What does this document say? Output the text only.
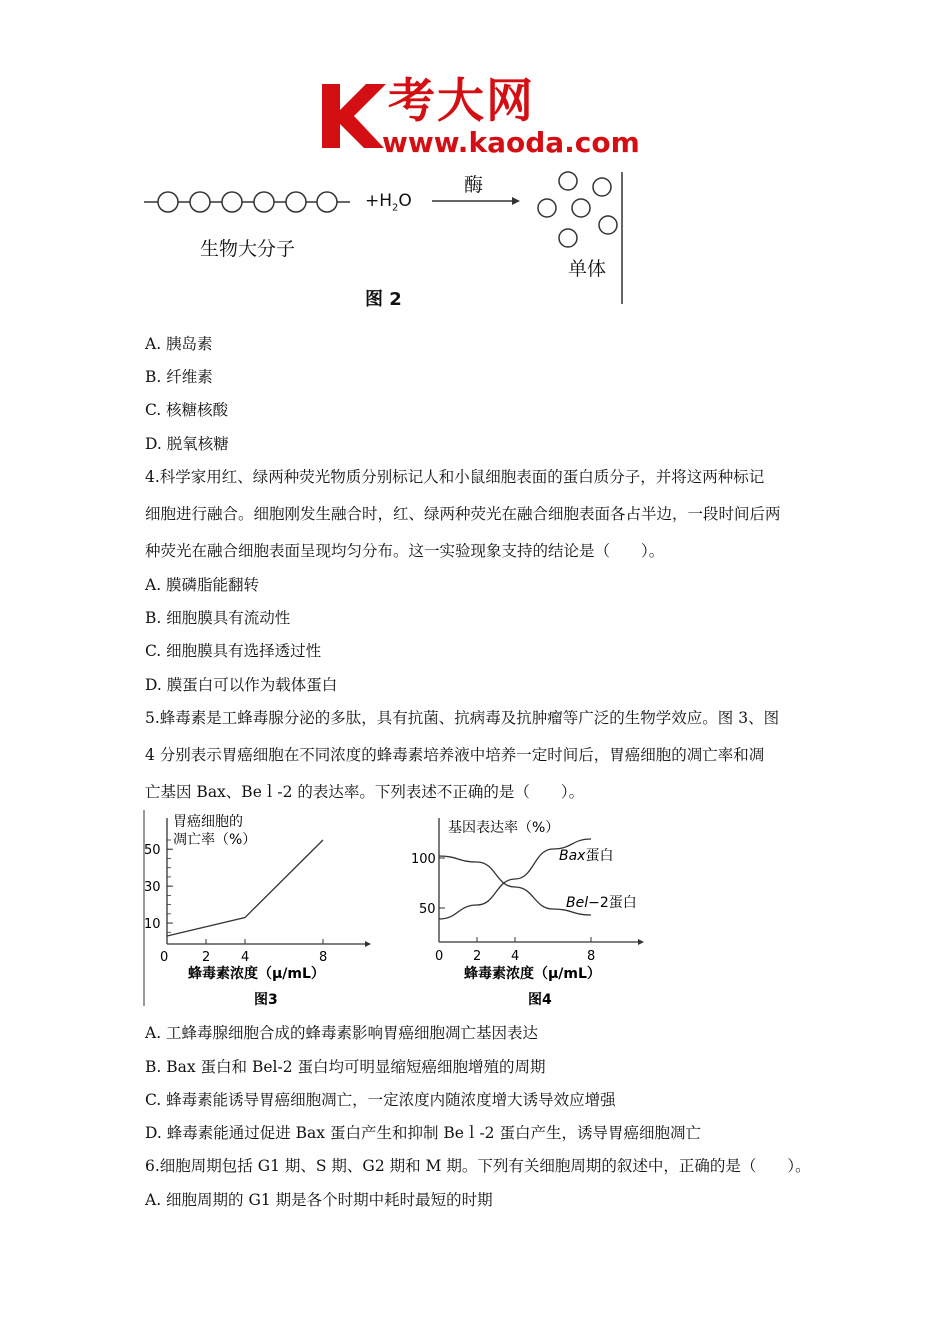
考大网
www.kaoda.com
$+H_2O$
酶
生物大分子
单体
图 2
A. 胰岛素
B. 纤维素
C. 核糖核酸
D. 脱氧核糖
4.科学家用红、绿两种荧光物质分别标记人和小鼠细胞表面的蛋白质分子，并将这两种标记
细胞进行融合。细胞刚发生融合时，红、绿两种荧光在融合细胞表面各占半边，一段时间后两
种荧光在融合细胞表面呈现均匀分布。这一实验现象支持的结论是（　　）。
A. 膜磷脂能翻转
B. 细胞膜具有流动性
C. 细胞膜具有选择透过性
D. 膜蛋白可以作为载体蛋白
5.蜂毒素是工蜂毒腺分泌的多肽，具有抗菌、抗病毒及抗肿瘤等广泛的生物学效应。图 3、图
4 分别表示胃癌细胞在不同浓度的蜂毒素培养液中培养一定时间后，胃癌细胞的凋亡率和凋
亡基因 Bax、Beｌ-2 的表达率。下列表述不正确的是（　　）。
胃癌细胞的
凋亡率（%）
10
30
50
0	2 4	8
蜂毒素浓度（μ/mL）
图3
基因表达率（%）
50
100
0 2 4	8
Bax蛋白
Bel−2蛋白
蜂毒素浓度（μ/mL）
图4
A. 工蜂毒腺细胞合成的蜂毒素影响胃癌细胞凋亡基因表达
B. Bax 蛋白和 Bel-2 蛋白均可明显缩短癌细胞增殖的周期
C. 蜂毒素能诱导胃癌细胞凋亡，一定浓度内随浓度增大诱导效应增强
D. 蜂毒素能通过促进 Bax 蛋白产生和抑制 Beｌ-2 蛋白产生，诱导胃癌细胞凋亡
6.细胞周期包括 G1 期、S 期、G2 期和 M 期。下列有关细胞周期的叙述中，正确的是（　　）。
A. 细胞周期的 G1 期是各个时期中耗时最短的时期
